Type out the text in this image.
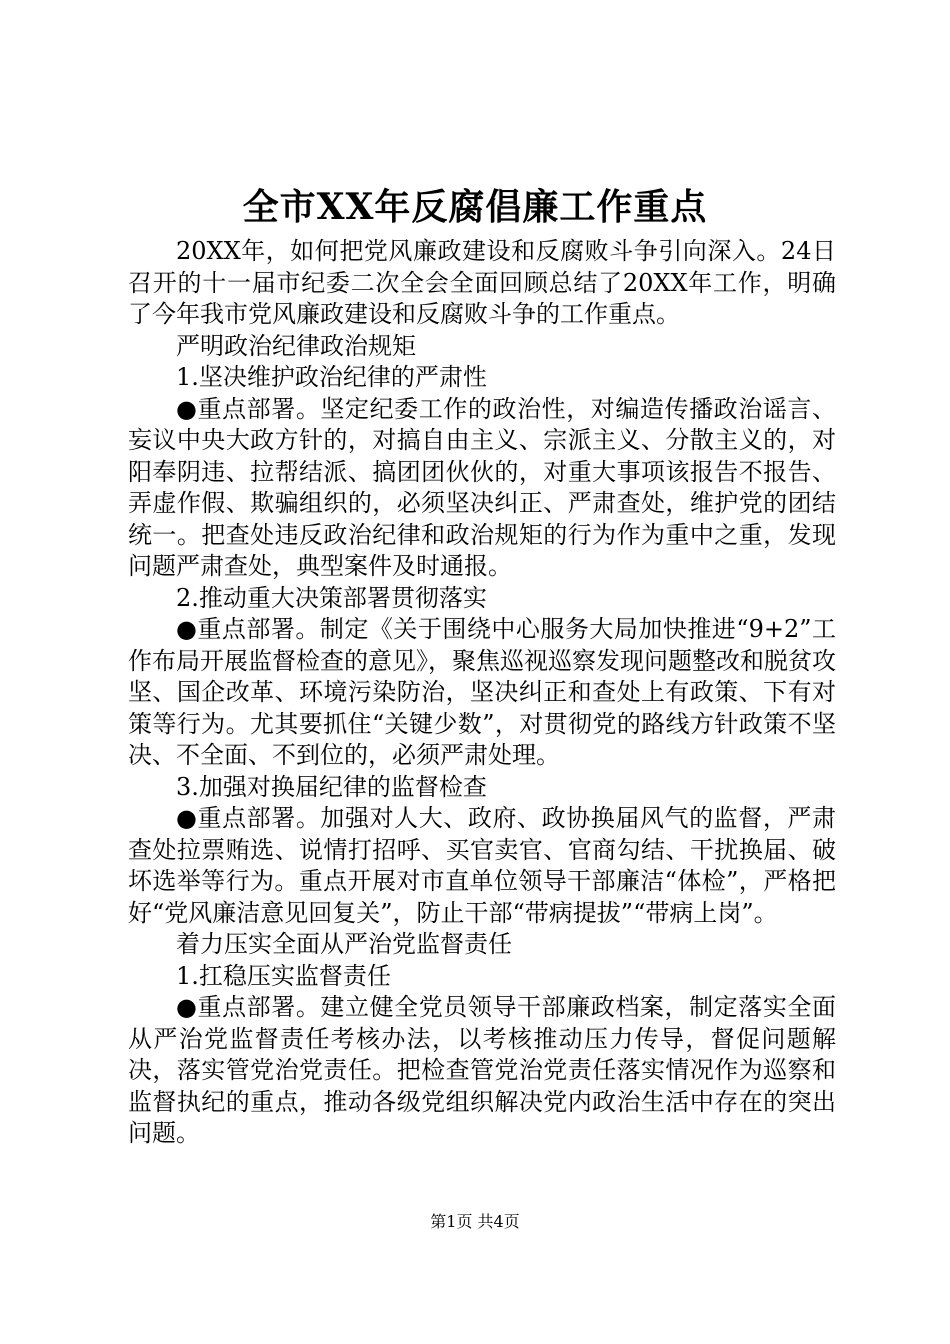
全市XX年反腐倡廉工作重点

20XX年，如何把党风廉政建设和反腐败斗争引向深入。24日召开的十一届市纪委二次全会全面回顾总结了20XX年工作，明确了今年我市党风廉政建设和反腐败斗争的工作重点。

严明政治纪律政治规矩

1.坚决维护政治纪律的严肃性

●重点部署。坚定纪委工作的政治性，对编造传播政治谣言、妄议中央大政方针的，对搞自由主义、宗派主义、分散主义的，对阳奉阴违、拉帮结派、搞团团伙伙的，对重大事项该报告不报告、弄虚作假、欺骗组织的，必须坚决纠正、严肃查处，维护党的团结统一。把查处违反政治纪律和政治规矩的行为作为重中之重，发现问题严肃查处，典型案件及时通报。

2.推动重大决策部署贯彻落实

●重点部署。制定《关于围绕中心服务大局加快推进“9+2”工作布局开展监督检查的意见》，聚焦巡视巡察发现问题整改和脱贫攻坚、国企改革、环境污染防治，坚决纠正和查处上有政策、下有对策等行为。尤其要抓住“关键少数”，对贯彻党的路线方针政策不坚决、不全面、不到位的，必须严肃处理。

3.加强对换届纪律的监督检查

●重点部署。加强对人大、政府、政协换届风气的监督，严肃查处拉票贿选、说情打招呼、买官卖官、官商勾结、干扰换届、破坏选举等行为。重点开展对市直单位领导干部廉洁“体检”，严格把好“党风廉洁意见回复关”，防止干部“带病提拔”“带病上岗”。

着力压实全面从严治党监督责任

1.扛稳压实监督责任

●重点部署。建立健全党员领导干部廉政档案，制定落实全面从严治党监督责任考核办法，以考核推动压力传导，督促问题解决，落实管党治党责任。把检查管党治党责任落实情况作为巡察和监督执纪的重点，推动各级党组织解决党内政治生活中存在的突出问题。

第1页 共4页
